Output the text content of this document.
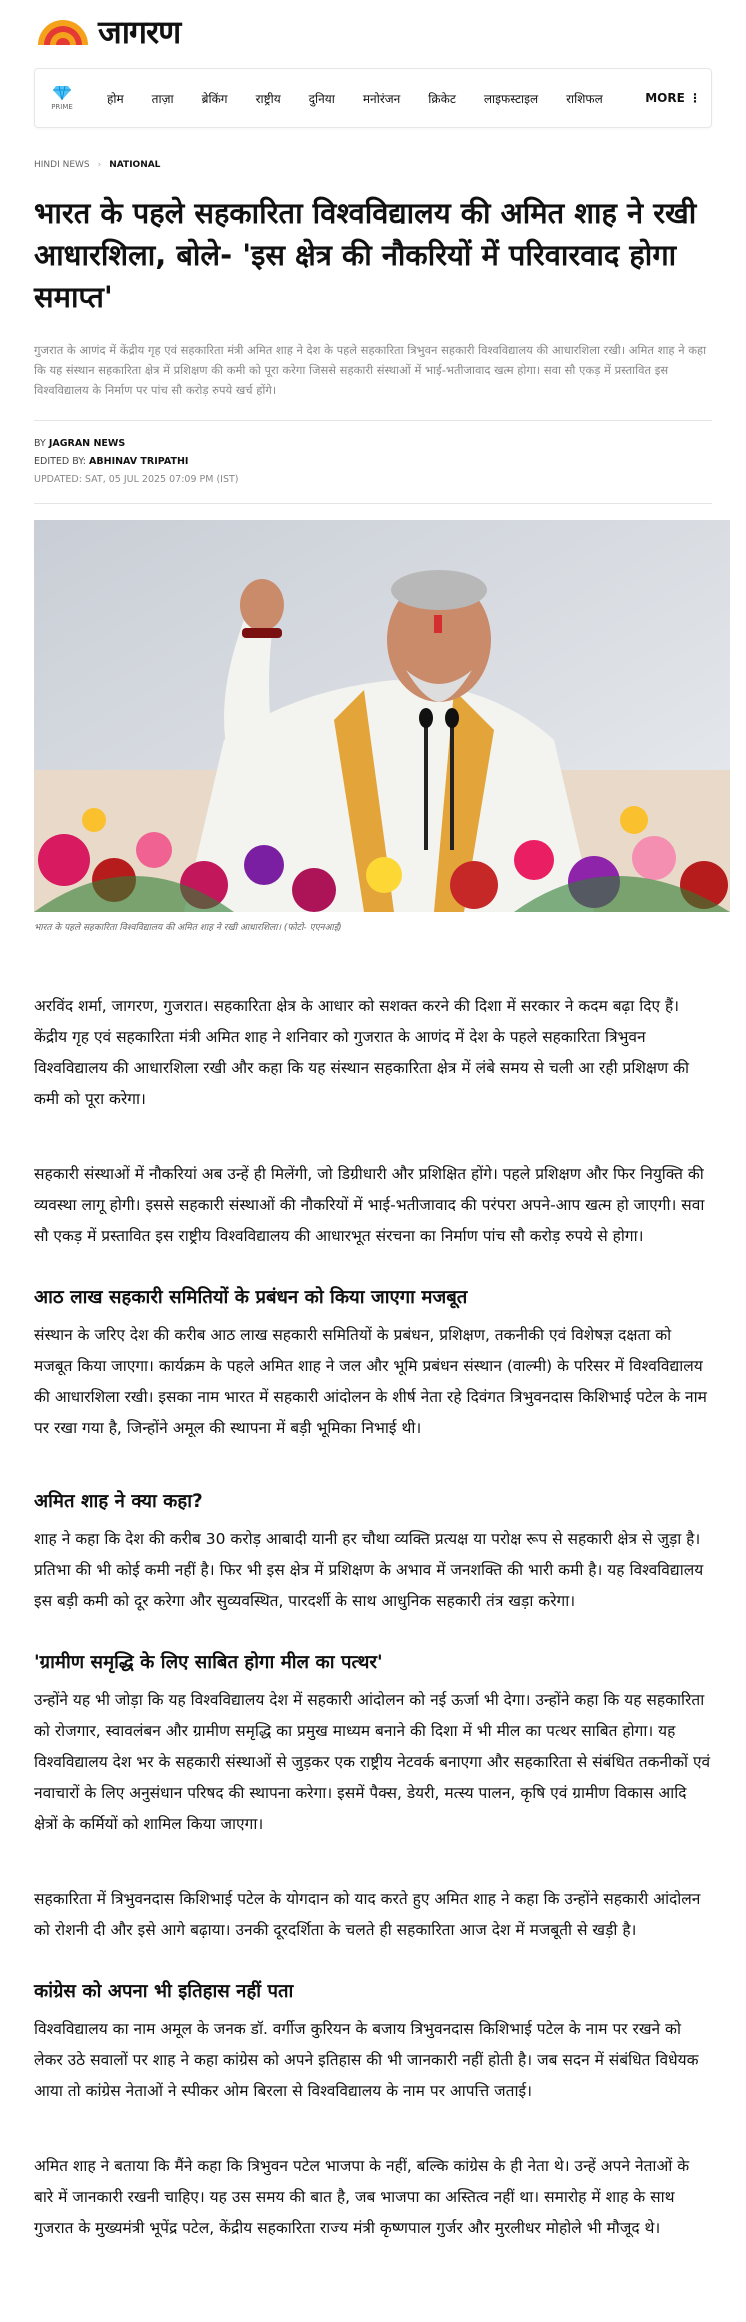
जागरण
PRIME
होम	ताज़ा	ब्रेकिंग	राष्ट्रीय	दुनिया	मनोरंजन	क्रिकेट	लाइफस्टाइल	राशिफल	MORE ⋮
HINDI NEWS › NATIONAL
भारत के पहले सहकारिता विश्वविद्यालय की अमित शाह ने रखी आधारशिला, बोले- 'इस क्षेत्र की नौकरियों में परिवारवाद होगा समाप्त'

गुजरात के आणंद में केंद्रीय गृह एवं सहकारिता मंत्री अमित शाह ने देश के पहले सहकारिता त्रिभुवन सहकारी विश्वविद्यालय की आधारशिला रखी। अमित शाह ने कहा कि यह संस्थान सहकारिता क्षेत्र में प्रशिक्षण की कमी को पूरा करेगा जिससे सहकारी संस्थाओं में भाई-भतीजावाद खत्म होगा। सवा सौ एकड़ में प्रस्तावित इस विश्वविद्यालय के निर्माण पर पांच सौ करोड़ रुपये खर्च होंगे।

BY JAGRAN NEWS
EDITED BY: ABHINAV TRIPATHI
UPDATED: SAT, 05 JUL 2025 07:09 PM (IST)

भारत के पहले सहकारिता विश्वविद्यालय की अमित शाह ने रखी आधारशिला। (फोटो- एएनआई)

अरविंद शर्मा, जागरण, गुजरात। सहकारिता क्षेत्र के आधार को सशक्त करने की दिशा में सरकार ने कदम बढ़ा दिए हैं। केंद्रीय गृह एवं सहकारिता मंत्री अमित शाह ने शनिवार को गुजरात के आणंद में देश के पहले सहकारिता त्रिभुवन विश्वविद्यालय की आधारशिला रखी और कहा कि यह संस्थान सहकारिता क्षेत्र में लंबे समय से चली आ रही प्रशिक्षण की कमी को पूरा करेगा।

सहकारी संस्थाओं में नौकरियां अब उन्हें ही मिलेंगी, जो डिग्रीधारी और प्रशिक्षित होंगे। पहले प्रशिक्षण और फिर नियुक्ति की व्यवस्था लागू होगी। इससे सहकारी संस्थाओं की नौकरियों में भाई-भतीजावाद की परंपरा अपने-आप खत्म हो जाएगी। सवा सौ एकड़ में प्रस्तावित इस राष्ट्रीय विश्वविद्यालय की आधारभूत संरचना का निर्माण पांच सौ करोड़ रुपये से होगा।

आठ लाख सहकारी समितियों के प्रबंधन को किया जाएगा मजबूत

संस्थान के जरिए देश की करीब आठ लाख सहकारी समितियों के प्रबंधन, प्रशिक्षण, तकनीकी एवं विशेषज्ञ दक्षता को मजबूत किया जाएगा। कार्यक्रम के पहले अमित शाह ने जल और भूमि प्रबंधन संस्थान (वाल्मी) के परिसर में विश्वविद्यालय की आधारशिला रखी। इसका नाम भारत में सहकारी आंदोलन के शीर्ष नेता रहे दिवंगत त्रिभुवनदास किशिभाई पटेल के नाम पर रखा गया है, जिन्होंने अमूल की स्थापना में बड़ी भूमिका निभाई थी।

अमित शाह ने क्या कहा?

शाह ने कहा कि देश की करीब 30 करोड़ आबादी यानी हर चौथा व्यक्ति प्रत्यक्ष या परोक्ष रूप से सहकारी क्षेत्र से जुड़ा है। प्रतिभा की भी कोई कमी नहीं है। फिर भी इस क्षेत्र में प्रशिक्षण के अभाव में जनशक्ति की भारी कमी है। यह विश्वविद्यालय इस बड़ी कमी को दूर करेगा और सुव्यवस्थित, पारदर्शी के साथ आधुनिक सहकारी तंत्र खड़ा करेगा।

'ग्रामीण समृद्धि के लिए साबित होगा मील का पत्थर'

उन्होंने यह भी जोड़ा कि यह विश्वविद्यालय देश में सहकारी आंदोलन को नई ऊर्जा भी देगा। उन्होंने कहा कि यह सहकारिता को रोजगार, स्वावलंबन और ग्रामीण समृद्धि का प्रमुख माध्यम बनाने की दिशा में भी मील का पत्थर साबित होगा। यह विश्वविद्यालय देश भर के सहकारी संस्थाओं से जुड़कर एक राष्ट्रीय नेटवर्क बनाएगा और सहकारिता से संबंधित तकनीकों एवं नवाचारों के लिए अनुसंधान परिषद की स्थापना करेगा। इसमें पैक्स, डेयरी, मत्स्य पालन, कृषि एवं ग्रामीण विकास आदि क्षेत्रों के कर्मियों को शामिल किया जाएगा।

सहकारिता में त्रिभुवनदास किशिभाई पटेल के योगदान को याद करते हुए अमित शाह ने कहा कि उन्होंने सहकारी आंदोलन को रोशनी दी और इसे आगे बढ़ाया। उनकी दूरदर्शिता के चलते ही सहकारिता आज देश में मजबूती से खड़ी है।

कांग्रेस को अपना भी इतिहास नहीं पता

विश्वविद्यालय का नाम अमूल के जनक डॉ. वर्गीज कुरियन के बजाय त्रिभुवनदास किशिभाई पटेल के नाम पर रखने को लेकर उठे सवालों पर शाह ने कहा कांग्रेस को अपने इतिहास की भी जानकारी नहीं होती है। जब सदन में संबंधित विधेयक आया तो कांग्रेस नेताओं ने स्पीकर ओम बिरला से विश्वविद्यालय के नाम पर आपत्ति जताई।

अमित शाह ने बताया कि मैंने कहा कि त्रिभुवन पटेल भाजपा के नहीं, बल्कि कांग्रेस के ही नेता थे। उन्हें अपने नेताओं के बारे में जानकारी रखनी चाहिए। यह उस समय की बात है, जब भाजपा का अस्तित्व नहीं था। समारोह में शाह के साथ गुजरात के मुख्यमंत्री भूपेंद्र पटेल, केंद्रीय सहकारिता राज्य मंत्री कृष्णपाल गुर्जर और मुरलीधर मोहोले भी मौजूद थे।
